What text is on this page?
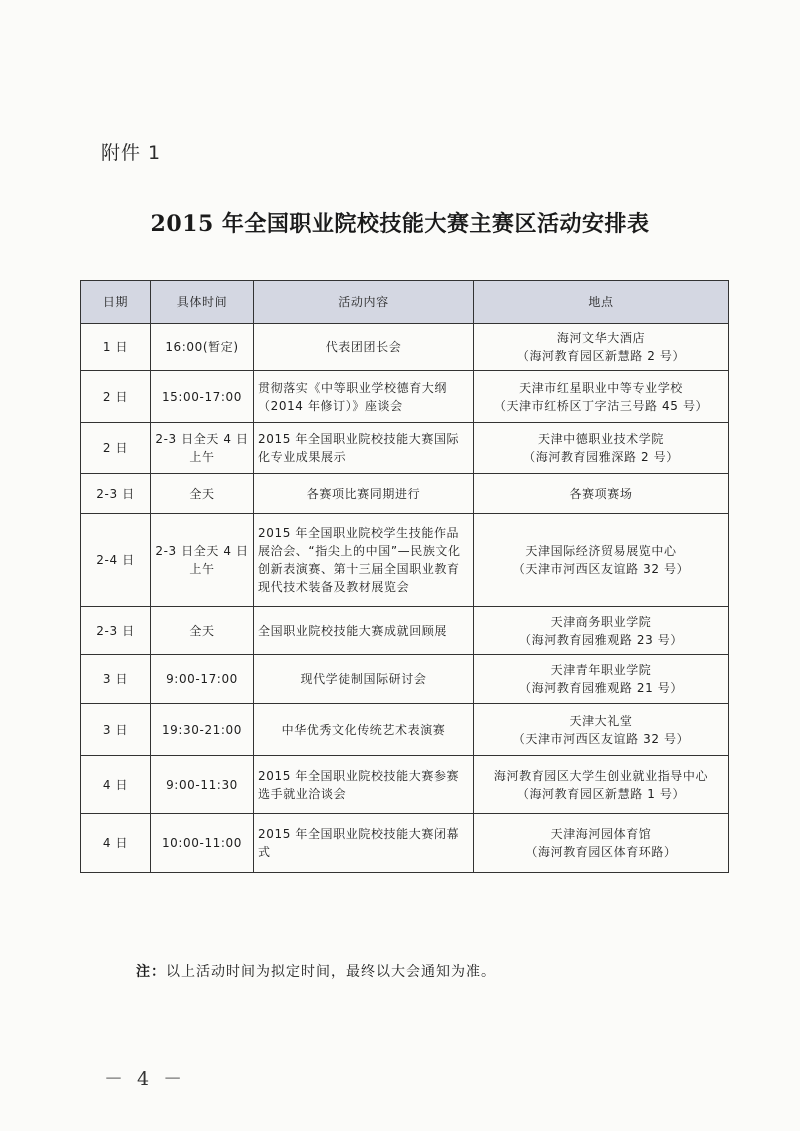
附件 1
2015 年全国职业院校技能大赛主赛区活动安排表
日期	具体时间	活动内容	地点
1 日	16:00(暂定)	代表团团长会	海河文华大酒店
（海河教育园区新慧路 2 号）

2 日	15:00-17:00	贯彻落实《中等职业学校德育大纲（2014 年修订）》座谈会	天津市红星职业中等专业学校
（天津市红桥区丁字沽三号路 45 号）

2 日	2-3 日全天 4 日上午	2015 年全国职业院校技能大赛国际化专业成果展示	天津中德职业技术学院
（海河教育园雅深路 2 号）

2-3 日	全天	各赛项比赛同期进行	各赛项赛场

2-4 日	2-3 日全天 4 日上午	2015 年全国职业院校学生技能作品展洽会、“指尖上的中国”—民族文化创新表演赛、第十三届全国职业教育现代技术装备及教材展览会	天津国际经济贸易展览中心
（天津市河西区友谊路 32 号）

2-3 日	全天	全国职业院校技能大赛成就回顾展	天津商务职业学院
（海河教育园雅观路 23 号）

3 日	9:00-17:00	现代学徒制国际研讨会	天津青年职业学院
（海河教育园雅观路 21 号）

3 日	19:30-21:00	中华优秀文化传统艺术表演赛	天津大礼堂
（天津市河西区友谊路 32 号）

4 日	9:00-11:30	2015 年全国职业院校技能大赛参赛选手就业洽谈会	海河教育园区大学生创业就业指导中心
（海河教育园区新慧路 1 号）

4 日	10:00-11:00	2015 年全国职业院校技能大赛闭幕式	天津海河园体育馆
（海河教育园区体育环路）
注：以上活动时间为拟定时间，最终以大会通知为准。
－ 4 －
